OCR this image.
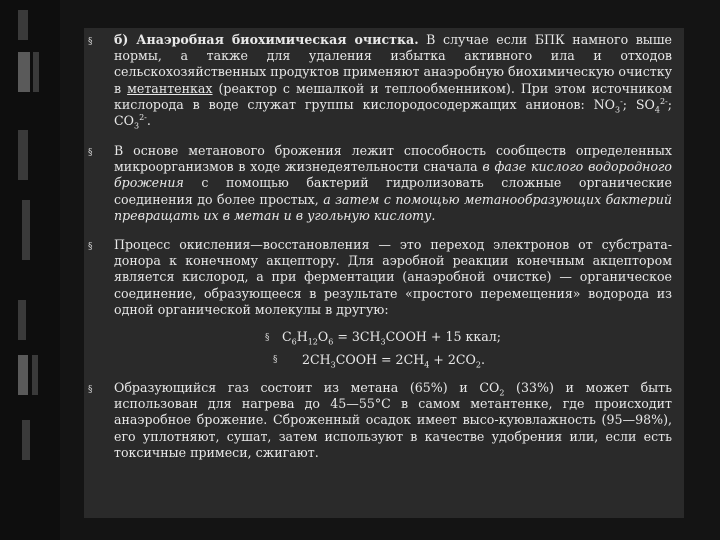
§ б) Анаэробная биохимическая очистка. В случае если БПК намного выше нормы, а также для удаления избытка активного ила и отходов сельскохозяйственных продуктов применяют анаэробную биохимическую очистку в метантенках (реактор с мешалкой и теплообменником). При этом источником кислорода в воде служат группы кислородосодержащих анионов: $NO_3^-$; $SO_4^{2-}$; $CO_3^{2-}$.
§ В основе метанового брожения лежит способность сообществ определенных микроорганизмов в ходе жизнедеятельности сначала в фазе кислого водородного брожения с помощью бактерий гидролизовать сложные органические соединения до более простых, а затем с помощью метанообразующих бактерий превращать их в метан и в угольную кислоту.
§ Процесс окисления—восстановления — это переход электронов от субстрата-донора к конечному акцептору. Для аэробной реакции конечным акцептором является кислород, а при ферментации (анаэробной очистке) — органическое соединение, образующееся в результате «простого перемещения» водорода из одной органической молекулы в другую:
§ $C_6H_{12}O_6$ = $3CH_3COOH + 15$ ккал;
§ $2CH_3COOH = 2CH_4 + 2CO_2$.
§ Образующийся газ состоит из метана (65%) и $CO_2$ (33%) и может быть использован для нагрева до 45—55°С в самом метантенке, где происходит анаэробное брожение. Сброженный осадок имеет высо-куювлажность (95—98%), его уплотняют, сушат, затем используют в качестве удобрения или, если есть токсичные примеси, сжигают.
